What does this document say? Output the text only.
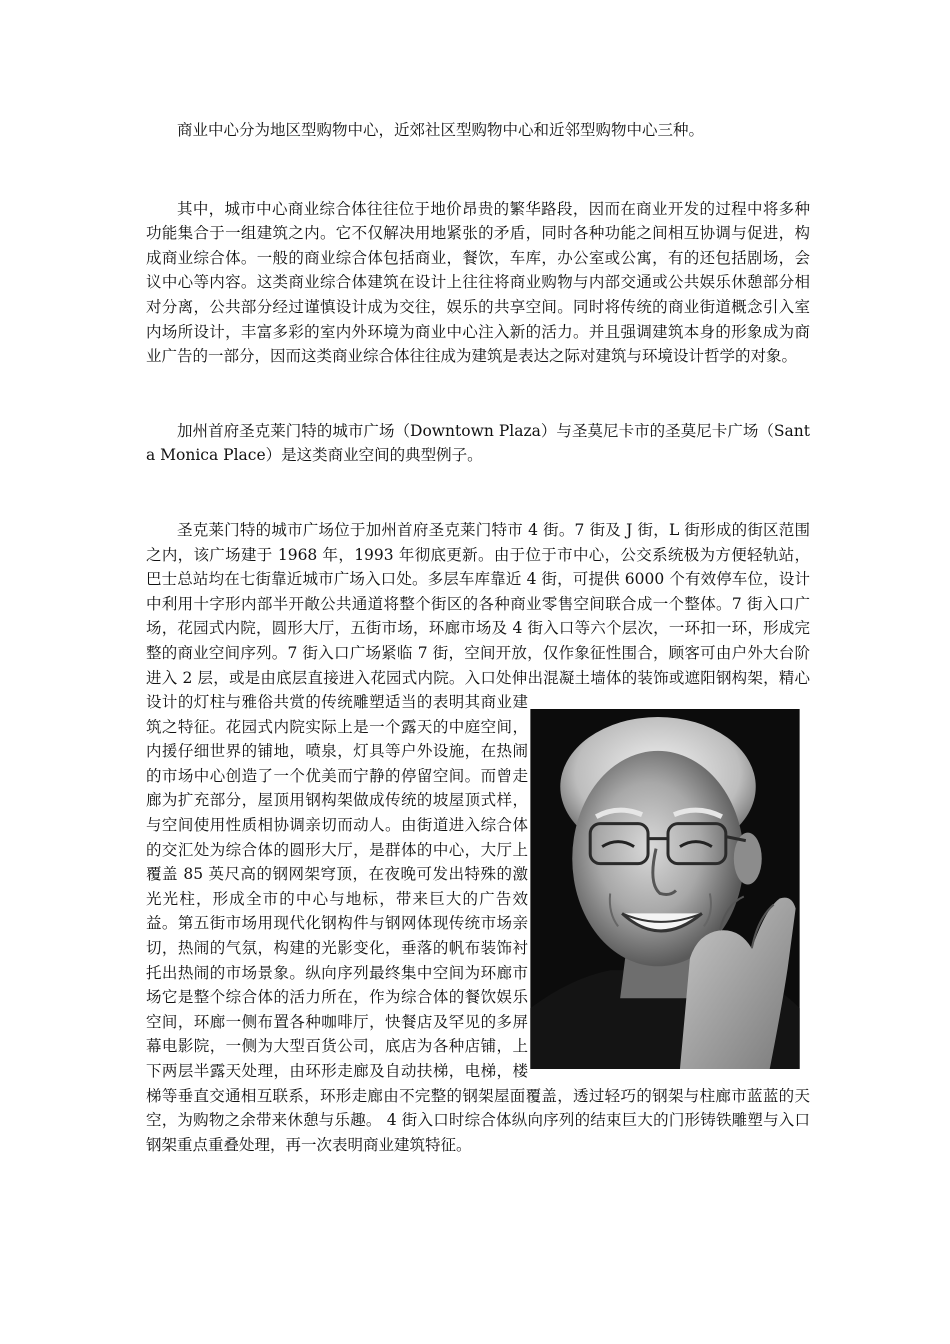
商业中心分为地区型购物中心，近郊社区型购物中心和近邻型购物中心三种。

其中，城市中心商业综合体往往位于地价昂贵的繁华路段，因而在商业开发的过程中将多种功能集合于一组建筑之内。它不仅解决用地紧张的矛盾，同时各种功能之间相互协调与促进，构成商业综合体。一般的商业综合体包括商业，餐饮，车库，办公室或公寓，有的还包括剧场，会议中心等内容。这类商业综合体建筑在设计上往往将商业购物与内部交通或公共娱乐休憩部分相对分离，公共部分经过谨慎设计成为交往，娱乐的共享空间。同时将传统的商业街道概念引入室内场所设计，丰富多彩的室内外环境为商业中心注入新的活力。并且强调建筑本身的形象成为商业广告的一部分，因而这类商业综合体往往成为建筑是表达之际对建筑与环境设计哲学的对象。

加州首府圣克莱门特的城市广场（Downtown Plaza）与圣莫尼卡市的圣莫尼卡广场（Santa Monica Place）是这类商业空间的典型例子。

圣克莱门特的城市广场位于加州首府圣克莱门特市 4 街。7 街及 J 街，L 街形成的街区范围之内，该广场建于 1968 年，1993 年彻底更新。由于位于市中心，公交系统极为方便轻轨站，巴士总站均在七街靠近城市广场入口处。多层车库靠近 4 街，可提供 6000 个有效停车位，设计中利用十字形内部半开敞公共通道将整个街区的各种商业零售空间联合成一个整体。7 街入口广场，花园式内院，圆形大厅，五街市场，环廊市场及 4 街入口等六个层次，一环扣一环，形成完整的商业空间序列。7 街入口广场紧临 7 街，空间开放，仅作象征性围合，顾客可由户外大台阶进入 2 层，或是由底层直接进入花园式内院。入口处伸出混凝土墙体的装饰或遮阳钢构架，精心设计的灯柱与雅俗共赏的传统雕塑适当的表明其商业建筑之特征。花园式内院实际上是一个露天的中庭空间，内援仔细世界的铺地，喷泉，灯具等户外设施，在热闹的市场中心创造了一个优美而宁静的停留空间。而曾走廊为扩充部分，屋顶用钢构架做成传统的坡屋顶式样，与空间使用性质相协调亲切而动人。由街道进入综合体的交汇处为综合体的圆形大厅，是群体的中心，大厅上覆盖 85 英尺高的钢网架穹顶，在夜晚可发出特殊的激光光柱，形成全市的中心与地标，带来巨大的广告效益。第五街市场用现代化钢构件与钢网体现传统市场亲切，热闹的气氛，构建的光影变化，垂落的帆布装饰衬托出热闹的市场景象。纵向序列最终集中空间为环廊市场它是整个综合体的活力所在，作为综合体的餐饮娱乐空间，环廊一侧布置各种咖啡厅，快餐店及罕见的多屏幕电影院，一侧为大型百货公司，底店为各种店铺，上下两层半露天处理，由环形走廊及自动扶梯，电梯，楼梯等垂直交通相互联系，环形走廊由不完整的钢架屋面覆盖，透过轻巧的钢架与柱廊市蓝蓝的天空，为购物之余带来休憩与乐趣。 4 街入口时综合体纵向序列的结束巨大的门形铸铁雕塑与入口钢架重点重叠处理，再一次表明商业建筑特征。
